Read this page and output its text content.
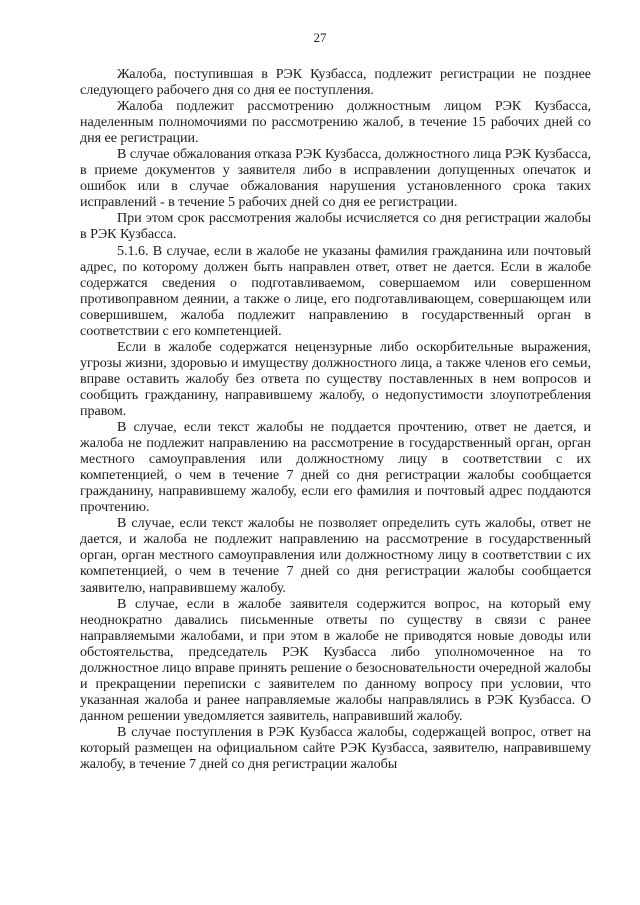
27

Жалоба, поступившая в РЭК Кузбасса, подлежит регистрации не позднее следующего рабочего дня со дня ее поступления.

Жалоба подлежит рассмотрению должностным лицом РЭК Кузбасса, наделенным полномочиями по рассмотрению жалоб, в течение 15 рабочих дней со дня ее регистрации.

В случае обжалования отказа РЭК Кузбасса, должностного лица РЭК Кузбасса, в приеме документов у заявителя либо в исправлении допущенных опечаток и ошибок или в случае обжалования нарушения установленного срока таких исправлений - в течение 5 рабочих дней со дня ее регистрации.

При этом срок рассмотрения жалобы исчисляется со дня регистрации жалобы в РЭК Кузбасса.

5.1.6. В случае, если в жалобе не указаны фамилия гражданина или почтовый адрес, по которому должен быть направлен ответ, ответ не дается. Если в жалобе содержатся сведения о подготавливаемом, совершаемом или совершенном противоправном деянии, а также о лице, его подготавливающем, совершающем или совершившем, жалоба подлежит направлению в государственный орган в соответствии с его компетенцией.

Если в жалобе содержатся нецензурные либо оскорбительные выражения, угрозы жизни, здоровью и имуществу должностного лица, а также членов его семьи, вправе оставить жалобу без ответа по существу поставленных в нем вопросов и сообщить гражданину, направившему жалобу, о недопустимости злоупотребления правом.

В случае, если текст жалобы не поддается прочтению, ответ не дается, и жалоба не подлежит направлению на рассмотрение в государственный орган, орган местного самоуправления или должностному лицу в соответствии с их компетенцией, о чем в течение 7 дней со дня регистрации жалобы сообщается гражданину, направившему жалобу, если его фамилия и почтовый адрес поддаются прочтению.

В случае, если текст жалобы не позволяет определить суть жалобы, ответ не дается, и жалоба не подлежит направлению на рассмотрение в государственный орган, орган местного самоуправления или должностному лицу в соответствии с их компетенцией, о чем в течение 7 дней со дня регистрации жалобы сообщается заявителю, направившему жалобу.

В случае, если в жалобе заявителя содержится вопрос, на который ему неоднократно давались письменные ответы по существу в связи с ранее направляемыми жалобами, и при этом в жалобе не приводятся новые доводы или обстоятельства, председатель РЭК Кузбасса либо уполномоченное на то должностное лицо вправе принять решение о безосновательности очередной жалобы и прекращении переписки с заявителем по данному вопросу при условии, что указанная жалоба и ранее направляемые жалобы направлялись в РЭК Кузбасса. О данном решении уведомляется заявитель, направивший жалобу.

В случае поступления в РЭК Кузбасса жалобы, содержащей вопрос, ответ на который размещен на официальном сайте РЭК Кузбасса, заявителю, направившему жалобу, в течение 7 дней со дня регистрации жалобы
